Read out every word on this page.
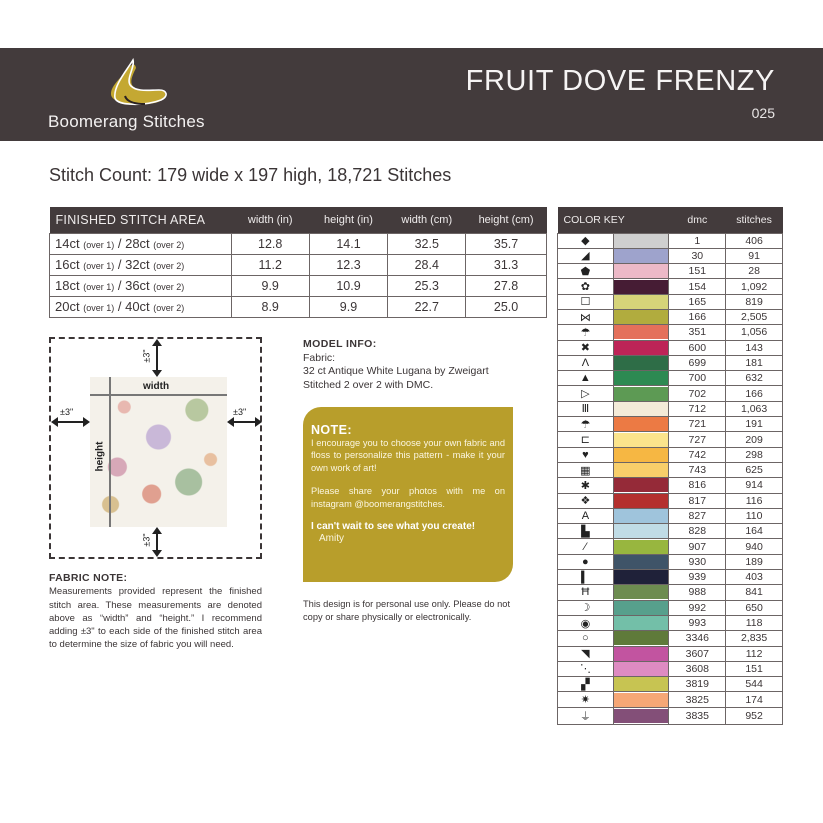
Boomerang Stitches
FRUIT DOVE FRENZY
025
Stitch Count: 179 wide x 197 high, 18,721 Stitches
FINISHED STITCH AREA	width (in)	height (in)	width (cm)	height (cm)
14ct (over 1) / 28ct (over 2)	12.8	14.1	32.5	35.7
16ct (over 1) / 32ct (over 2)	11.2	12.3	28.4	31.3
18ct (over 1) / 36ct (over 2)	9.9	10.9	25.3	27.8
20ct (over 1) / 40ct (over 2)	8.9	9.9	22.7	25.0
±3"
±3"
±3"	±3"
width
height
FABRIC NOTE:
Measurements provided represent the finished stitch area. These measurements are denoted above as “width” and “height.” I recommend adding ±3" to each side of the finished stitch area to determine the size of fabric you will need.
MODEL INFO:
Fabric:
32 ct Antique White Lugana by Zweigart
Stitched 2 over 2 with DMC.
NOTE:

I encourage you to choose your own fabric and floss to personalize this pattern - make it your own work of art!

Please share your photos with me on instagram @boomerangstitches.

I can't wait to see what you create!

Amity

This design is for personal use only. Please do not copy or share physically or electronically.
COLOR KEY		dmc	stitches
◆		1	406
◢		30	91
⬟		151	28
✿		154	1,092
☐		165	819
⋈		166	2,505
☂		351	1,056
✖		600	143
Λ		699	181
▲		700	632
▷		702	166
Ⅲ		712	1,063
☂		721	191
⊏		727	209
♥		742	298
▦		743	625
✱		816	914
❖		817	116
A		827	110
▙		828	164
⁄		907	940
●		930	189
▍		939	403
Ħ		988	841
☽		992	650
◉		993	118
○		3346	2,835
◥		3607	112
⋱		3608	151
▞		3819	544
✷		3825	174
⏚		3835	952
